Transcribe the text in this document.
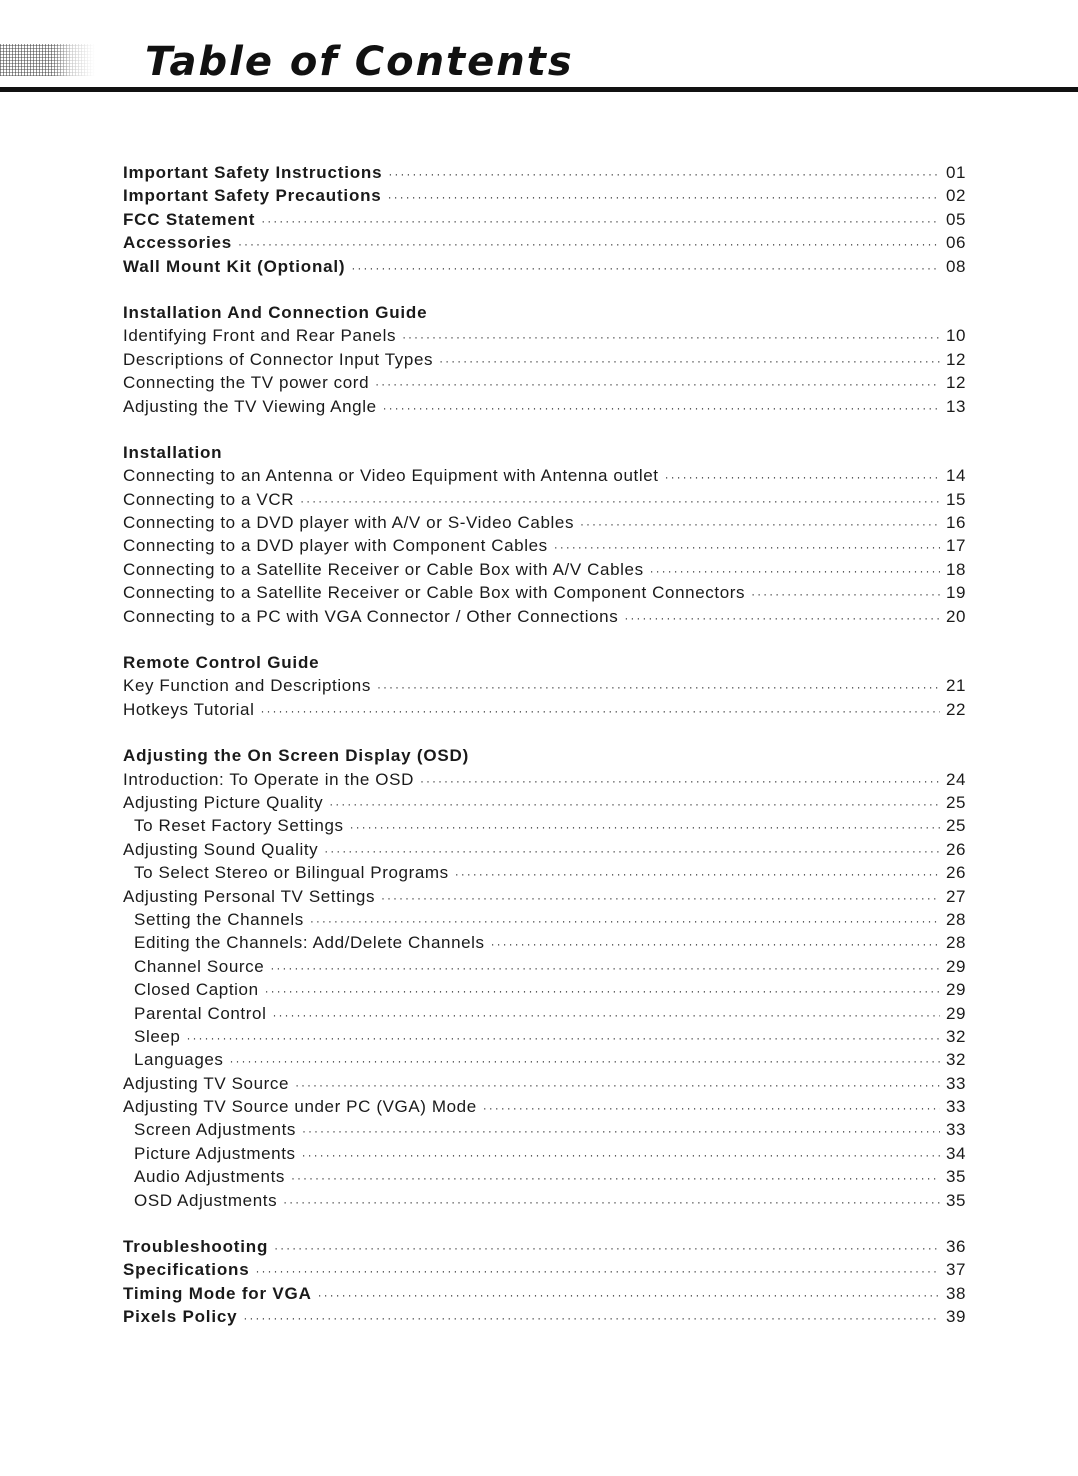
Table of Contents
Important Safety Instructions ·····	01
Important Safety Precautions ·····	02
FCC Statement ·····	05
Accessories ·····	06
Wall Mount Kit (Optional) ·····	08
Installation And Connection Guide
Identifying Front and Rear Panels ·····	10
Descriptions of Connector Input Types ·····	12
Connecting the TV power cord ·····	12
Adjusting the TV Viewing Angle ·····	13
Installation
Connecting to an Antenna or Video Equipment with Antenna outlet ·····	14
Connecting to a VCR ·····	15
Connecting to a DVD player with A/V or S-Video Cables ·····	16
Connecting to a DVD player with Component Cables ·····	17
Connecting to a Satellite Receiver or Cable Box with A/V Cables ·····	18
Connecting to a Satellite Receiver or Cable Box with Component Connectors ·····	19
Connecting to a PC with VGA Connector / Other Connections ·····	20
Remote Control Guide
Key Function and Descriptions ·····	21
Hotkeys Tutorial ·····	22
Adjusting the On Screen Display (OSD)
Introduction: To Operate in the OSD ·····	24
Adjusting Picture Quality ·····	25
To Reset Factory Settings ·····	25
Adjusting Sound Quality ·····	26
To Select Stereo or Bilingual Programs ·····	26
Adjusting Personal TV Settings ·····	27
Setting the Channels ·····	28
Editing the Channels: Add/Delete Channels ·····	28
Channel Source ·····	29
Closed Caption ·····	29
Parental Control ·····	29
Sleep ·····	32
Languages ·····	32
Adjusting TV Source ·····	33
Adjusting TV Source under PC (VGA) Mode ·····	33
Screen Adjustments ·····	33
Picture Adjustments ·····	34
Audio Adjustments ·····	35
OSD Adjustments ·····	35
Troubleshooting ·····	36
Specifications ·····	37
Timing Mode for VGA ·····	38
Pixels Policy ·····	39
